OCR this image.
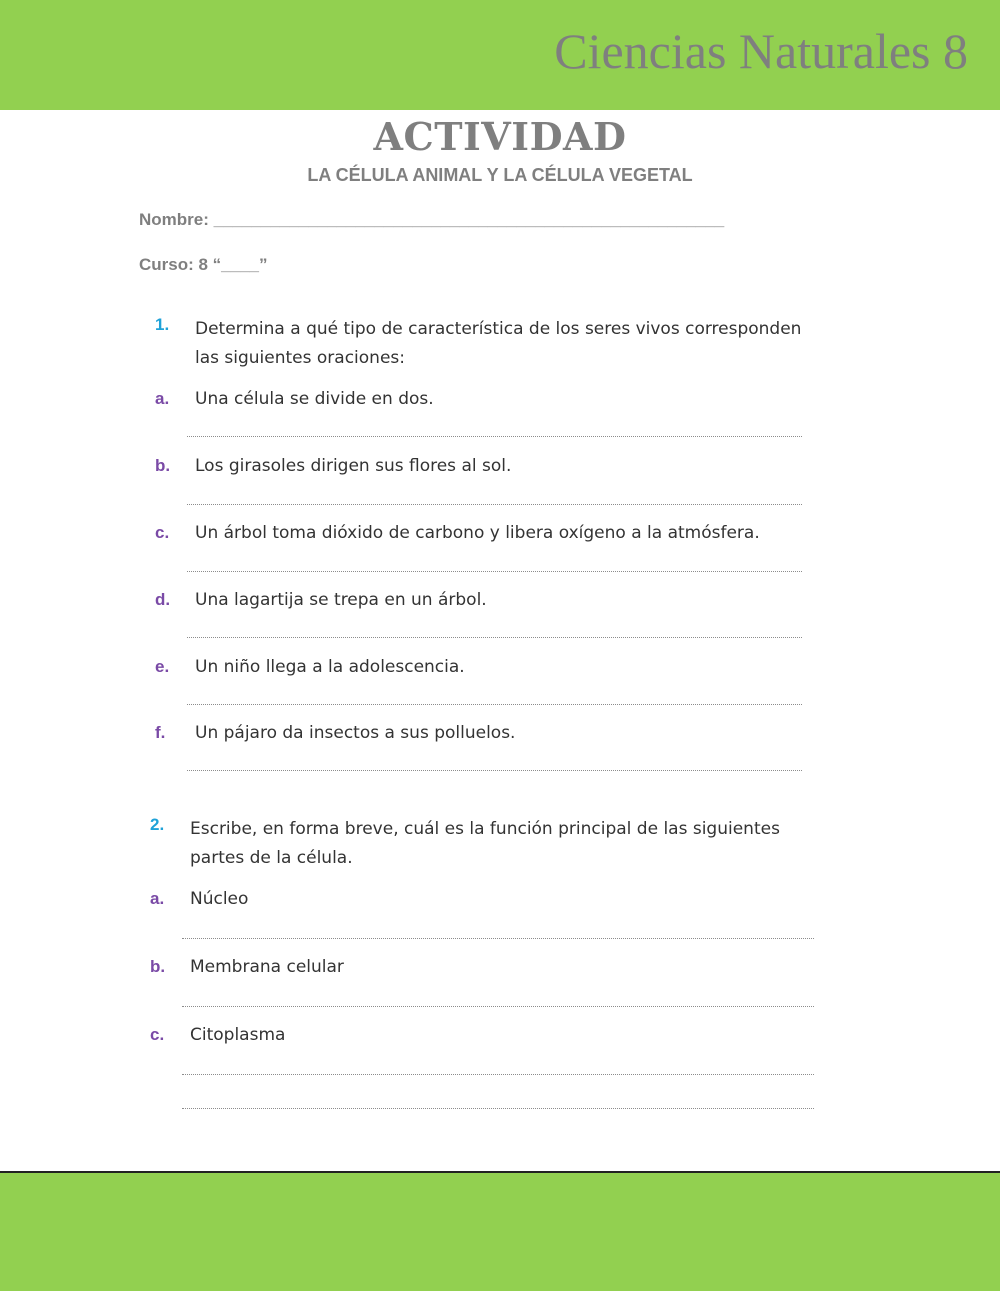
Ciencias Naturales 8
ACTIVIDAD
LA CÉLULA ANIMAL Y LA CÉLULA VEGETAL
Nombre: ______________________________________________________
Curso: 8 “____”
1. Determina a qué tipo de característica de los seres vivos corresponden las siguientes oraciones:
a. Una célula se divide en dos.
b. Los girasoles dirigen sus flores al sol.
c. Un árbol toma dióxido de carbono y libera oxígeno a la atmósfera.
d. Una lagartija se trepa en un árbol.
e. Un niño llega a la adolescencia.
f. Un pájaro da insectos a sus polluelos.
2. Escribe, en forma breve, cuál es la función principal de las siguientes partes de la célula.
a. Núcleo
b. Membrana celular
c. Citoplasma
